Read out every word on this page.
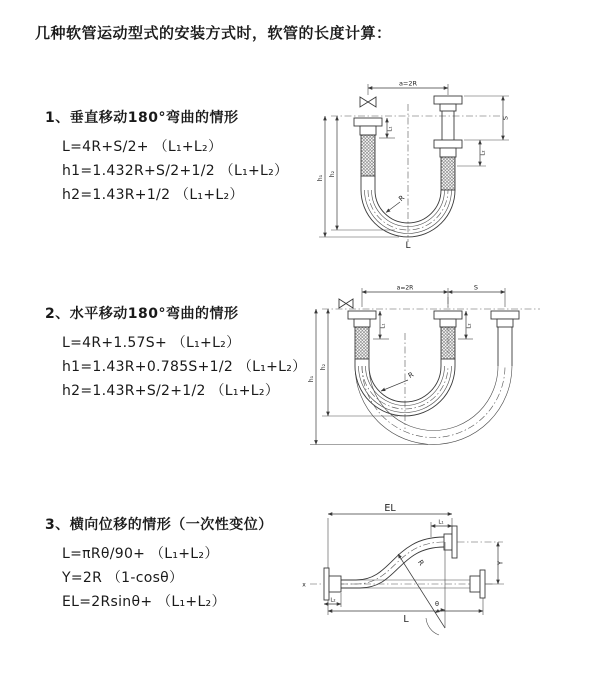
几种软管运动型式的安装方式时，软管的长度计算：
1、垂直移动180°弯曲的情形
L=4R+S/2+ （L₁+L₂）
h1=1.432R+S/2+1/2 （L₁+L₂）
h2=1.43R+1/2 （L₁+L₂）
2、水平移动180°弯曲的情形
L=4R+1.57S+ （L₁+L₂）
h1=1.43R+0.785S+1/2 （L₁+L₂）
h2=1.43R+S/2+1/2 （L₁+L₂）
3、横向位移的情形（一次性变位）
L=πRθ/90+ （L₁+L₂）
Y=2R （1-cosθ）
EL=2Rsinθ+ （L₁+L₂）
a=2R
R
L
h₁
h₂
L₁
S
L₂
a=2R	S
R
h₁
h₂
L₁	L₂
x
EL
L₁
R
θ
Y
L₂
L
